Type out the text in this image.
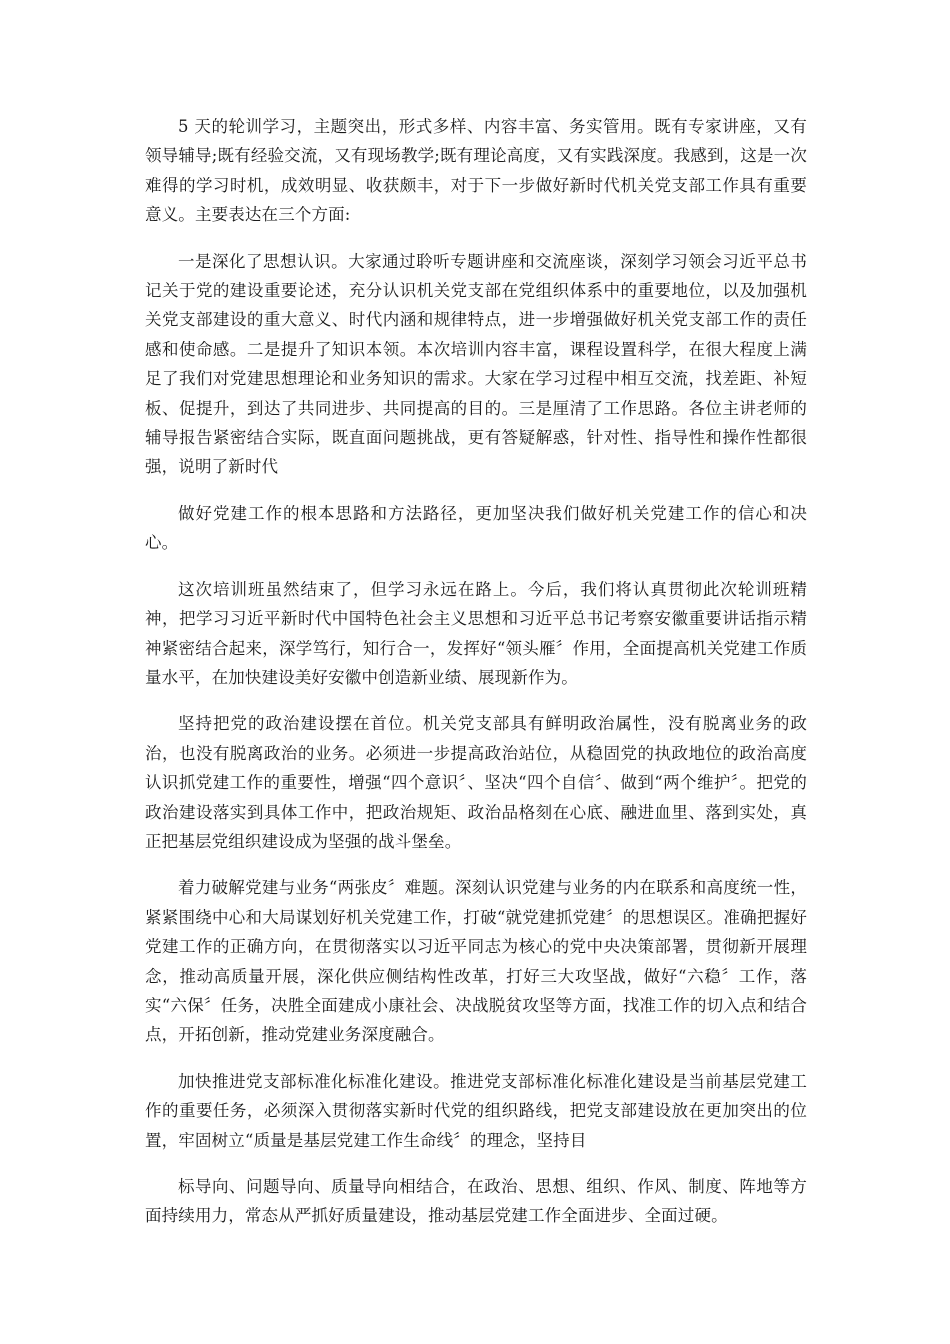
5 天的轮训学习，主题突出，形式多样、内容丰富、务实管用。既有专家讲座，又有领导辅导;既有经验交流，又有现场教学;既有理论高度，又有实践深度。我感到，这是一次难得的学习时机，成效明显、收获颇丰，对于下一步做好新时代机关党支部工作具有重要意义。主要表达在三个方面:

一是深化了思想认识。大家通过聆听专题讲座和交流座谈，深刻学习领会习近平总书记关于党的建设重要论述，充分认识机关党支部在党组织体系中的重要地位，以及加强机关党支部建设的重大意义、时代内涵和规律特点，进一步增强做好机关党支部工作的责任感和使命感。二是提升了知识本领。本次培训内容丰富，课程设置科学，在很大程度上满足了我们对党建思想理论和业务知识的需求。大家在学习过程中相互交流，找差距、补短板、促提升，到达了共同进步、共同提高的目的。三是厘清了工作思路。各位主讲老师的辅导报告紧密结合实际，既直面问题挑战，更有答疑解惑，针对性、指导性和操作性都很强，说明了新时代

做好党建工作的根本思路和方法路径，更加坚决我们做好机关党建工作的信心和决心。

这次培训班虽然结束了，但学习永远在路上。今后，我们将认真贯彻此次轮训班精神，把学习习近平新时代中国特色社会主义思想和习近平总书记考察安徽重要讲话指示精神紧密结合起来，深学笃行，知行合一，发挥好“领头雁〞作用，全面提高机关党建工作质量水平，在加快建设美好安徽中创造新业绩、展现新作为。

坚持把党的政治建设摆在首位。机关党支部具有鲜明政治属性，没有脱离业务的政治，也没有脱离政治的业务。必须进一步提高政治站位，从稳固党的执政地位的政治高度认识抓党建工作的重要性，增强“四个意识〞、坚决“四个自信〞、做到“两个维护〞。把党的政治建设落实到具体工作中，把政治规矩、政治品格刻在心底、融进血里、落到实处，真正把基层党组织建设成为坚强的战斗堡垒。

着力破解党建与业务“两张皮〞难题。深刻认识党建与业务的内在联系和高度统一性，紧紧围绕中心和大局谋划好机关党建工作，打破“就党建抓党建〞的思想误区。准确把握好党建工作的正确方向，在贯彻落实以习近平同志为核心的党中央决策部署，贯彻新开展理念，推动高质量开展，深化供应侧结构性改革，打好三大攻坚战，做好“六稳〞工作，落实“六保〞任务，决胜全面建成小康社会、决战脱贫攻坚等方面，找准工作的切入点和结合点，开拓创新，推动党建业务深度融合。

加快推进党支部标准化标准化建设。推进党支部标准化标准化建设是当前基层党建工作的重要任务，必须深入贯彻落实新时代党的组织路线，把党支部建设放在更加突出的位置，牢固树立“质量是基层党建工作生命线〞的理念，坚持目

标导向、问题导向、质量导向相结合，在政治、思想、组织、作风、制度、阵地等方面持续用力，常态从严抓好质量建设，推动基层党建工作全面进步、全面过硬。
